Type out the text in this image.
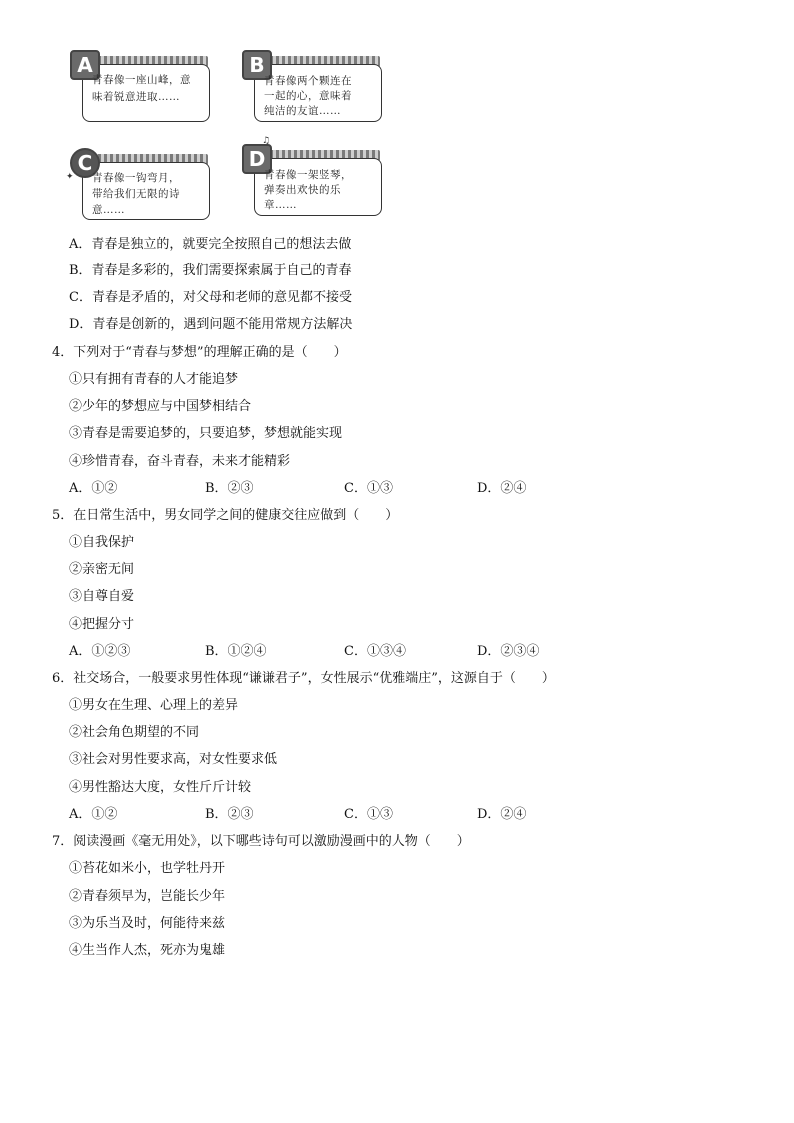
A
青春像一座山峰，意味着锐意进取……
B
青春像两个颗连在一起的心，意味着纯洁的友谊……
C
青春像一钩弯月，带给我们无限的诗意……
✦
D
青春像一架竖琴，弹奏出欢快的乐章……
♫
A．青春是独立的，就要完全按照自己的想法去做
B．青春是多彩的，我们需要探索属于自己的青春
C．青春是矛盾的，对父母和老师的意见都不接受
D．青春是创新的，遇到问题不能用常规方法解决
4．下列对于“青春与梦想”的理解正确的是（　　）
①只有拥有青春的人才能追梦
②少年的梦想应与中国梦相结合
③青春是需要追梦的，只要追梦，梦想就能实现
④珍惜青春，奋斗青春，未来才能精彩
A．①②	B．②③	C．①③	D．②④
5．在日常生活中，男女同学之间的健康交往应做到（　　）
①自我保护
②亲密无间
③自尊自爱
④把握分寸
A．①②③	B．①②④	C．①③④	D．②③④
6．社交场合，一般要求男性体现“谦谦君子”，女性展示“优雅端庄”，这源自于（　　）
①男女在生理、心理上的差异
②社会角色期望的不同
③社会对男性要求高，对女性要求低
④男性豁达大度，女性斤斤计较
A．①②	B．②③	C．①③	D．②④
7．阅读漫画《毫无用处》，以下哪些诗句可以激励漫画中的人物（　　）
①苔花如米小，也学牡丹开
②青春须早为，岂能长少年
③为乐当及时，何能待来兹
④生当作人杰，死亦为鬼雄
